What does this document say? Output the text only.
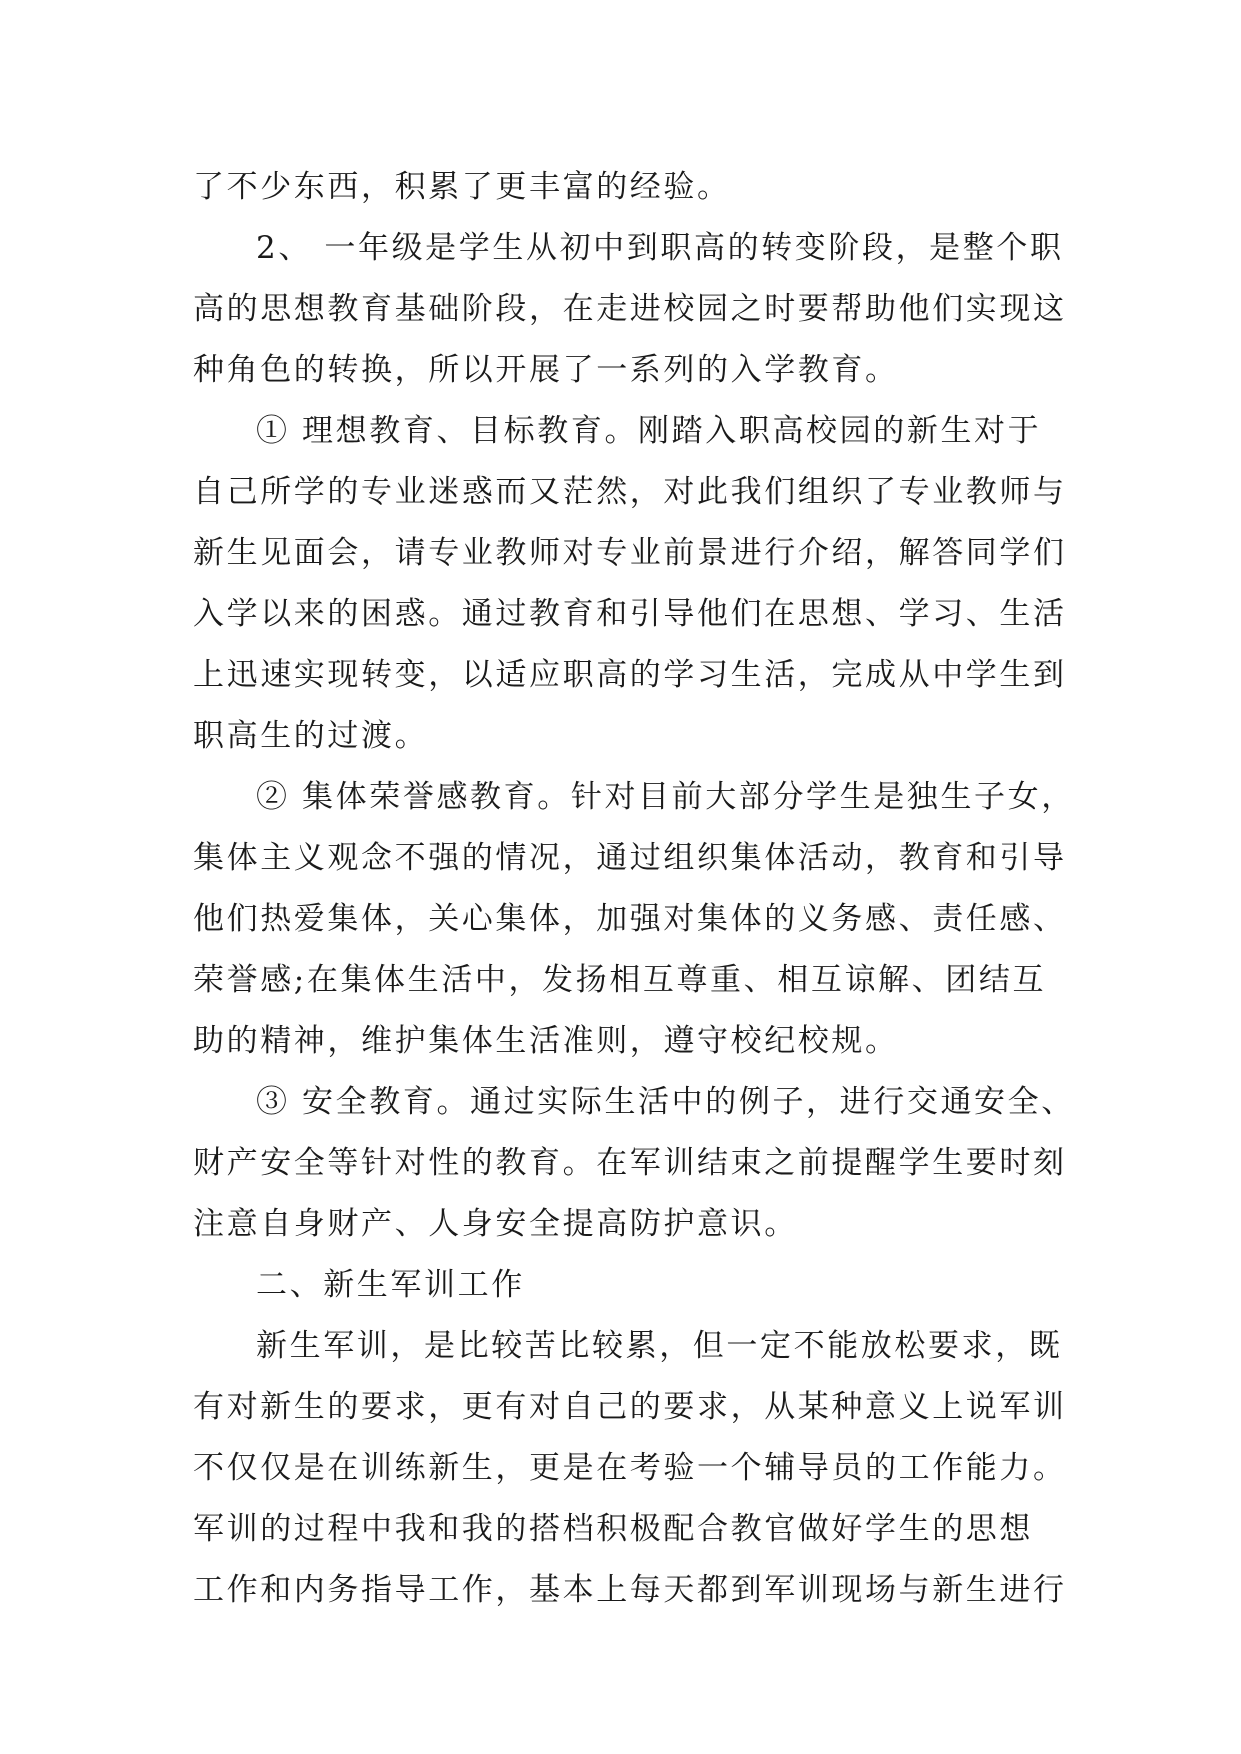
了不少东西，积累了更丰富的经验。
2、 一年级是学生从初中到职高的转变阶段，是整个职
高的思想教育基础阶段，在走进校园之时要帮助他们实现这
种角色的转换，所以开展了一系列的入学教育。
① 理想教育、目标教育。刚踏入职高校园的新生对于
自己所学的专业迷惑而又茫然，对此我们组织了专业教师与
新生见面会，请专业教师对专业前景进行介绍，解答同学们
入学以来的困惑。通过教育和引导他们在思想、学习、生活
上迅速实现转变，以适应职高的学习生活，完成从中学生到
职高生的过渡。
② 集体荣誉感教育。针对目前大部分学生是独生子女，
集体主义观念不强的情况，通过组织集体活动，教育和引导
他们热爱集体，关心集体，加强对集体的义务感、责任感、
荣誉感;在集体生活中，发扬相互尊重、相互谅解、团结互
助的精神，维护集体生活准则，遵守校纪校规。
③ 安全教育。通过实际生活中的例子，进行交通安全、
财产安全等针对性的教育。在军训结束之前提醒学生要时刻
注意自身财产、人身安全提高防护意识。
二、新生军训工作
新生军训，是比较苦比较累，但一定不能放松要求，既
有对新生的要求，更有对自己的要求，从某种意义上说军训
不仅仅是在训练新生，更是在考验一个辅导员的工作能力。
军训的过程中我和我的搭档积极配合教官做好学生的思想
工作和内务指导工作，基本上每天都到军训现场与新生进行
